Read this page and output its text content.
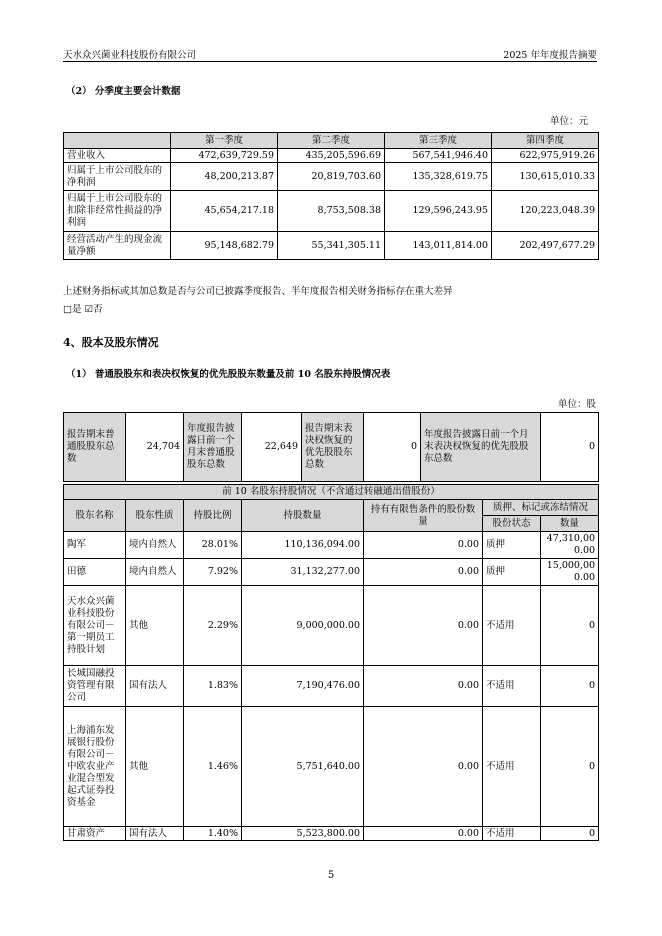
天水众兴菌业科技股份有限公司	2025 年年度报告摘要
（2） 分季度主要会计数据
单位：元
	第一季度	第二季度	第三季度	第四季度
营业收入	472,639,729.59	435,205,596.69	567,541,946.40	622,975,919.26
归属于上市公司股东的净利润	48,200,213.87	20,819,703.60	135,328,619.75	130,615,010.33
归属于上市公司股东的扣除非经常性损益的净利润	45,654,217.18	8,753,508.38	129,596,243.95	120,223,048.39
经营活动产生的现金流量净额	95,148,682.79	55,341,305.11	143,011,814.00	202,497,677.29
上述财务指标或其加总数是否与公司已披露季度报告、半年度报告相关财务指标存在重大差异
□是 ☑否
4、股本及股东情况
（1） 普通股股东和表决权恢复的优先股股东数量及前 10 名股东持股情况表
单位：股
报告期末普通股股东总数	24,704	年度报告披露日前一个月末普通股股东总数	22,649	报告期末表决权恢复的优先股股东总数	0	年度报告披露日前一个月末表决权恢复的优先股股东总数	0
前 10 名股东持股情况（不含通过转融通出借股份）						
股东名称	股东性质	持股比例	持股数量	持有有限售条件的股份数量	质押、标记或冻结情况	
					股份状态	数量
陶军	境内自然人	28.01%	110,136,094.00	0.00	质押	47,310,000.00
田德	境内自然人	7.92%	31,132,277.00	0.00	质押	15,000,000.00
天水众兴菌业科技股份有限公司－第一期员工持股计划	其他	2.29%	9,000,000.00	0.00	不适用	0
长城国融投资管理有限公司	国有法人	1.83%	7,190,476.00	0.00	不适用	0
上海浦东发展银行股份有限公司－中欧农业产业混合型发起式证券投资基金	其他	1.46%	5,751,640.00	0.00	不适用	0
甘肃资产	国有法人	1.40%	5,523,800.00	0.00	不适用	0
5
